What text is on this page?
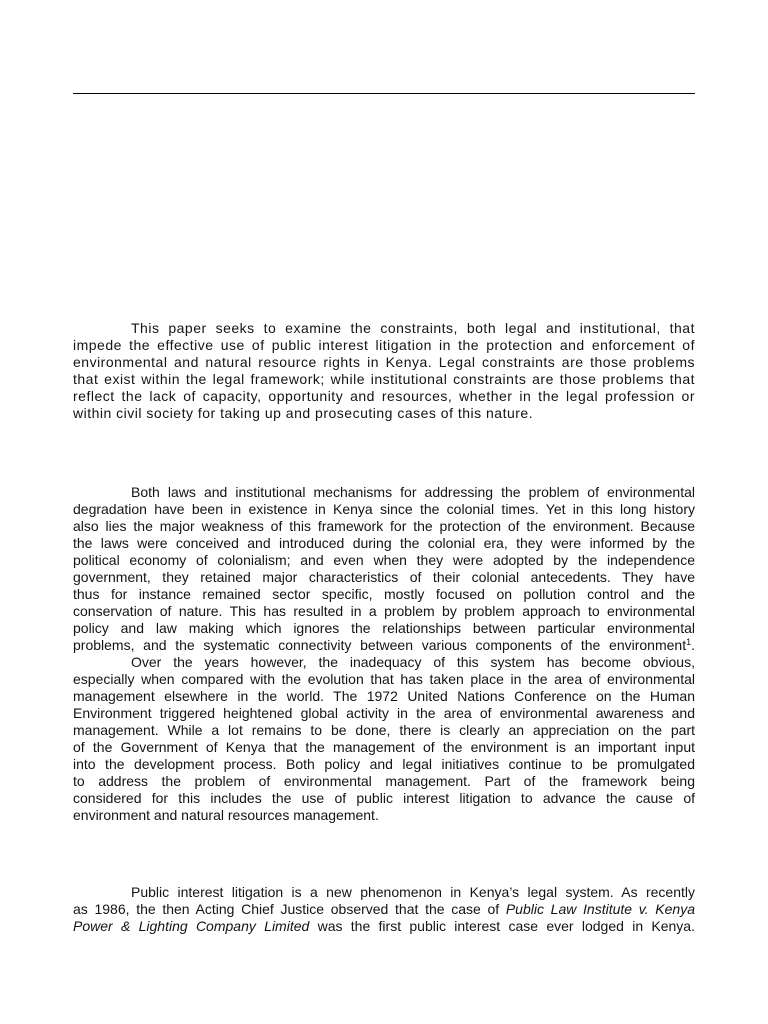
This paper seeks to examine the constraints, both legal and institutional, that
impede the effective use of public interest litigation in the protection and enforcement of
environmental and natural resource rights in Kenya. Legal constraints are those problems
that exist within the legal framework; while institutional constraints are those problems that
reflect the lack of capacity, opportunity and resources, whether in the legal profession or
within civil society for taking up and prosecuting cases of this nature.
Both laws and institutional mechanisms for addressing the problem of environmental
degradation have been in existence in Kenya since the colonial times. Yet in this long history
also lies the major weakness of this framework for the protection of the environment. Because
the laws were conceived and introduced during the colonial era, they were informed by the
political economy of colonialism; and even when they were adopted by the independence
government, they retained major characteristics of their colonial antecedents. They have
thus for instance remained sector specific, mostly focused on pollution control and the
conservation of nature. This has resulted in a problem by problem approach to environmental
policy and law making which ignores the relationships between particular environmental
problems, and the systematic connectivity between various components of the environment$^1$.
Over the years however, the inadequacy of this system has become obvious,
especially when compared with the evolution that has taken place in the area of environmental
management elsewhere in the world. The 1972 United Nations Conference on the Human
Environment triggered heightened global activity in the area of environmental awareness and
management. While a lot remains to be done, there is clearly an appreciation on the part
of the Government of Kenya that the management of the environment is an important input
into the development process. Both policy and legal initiatives continue to be promulgated
to address the problem of environmental management. Part of the framework being
considered for this includes the use of public interest litigation to advance the cause of
environment and natural resources management.
Public interest litigation is a new phenomenon in Kenya’s legal system. As recently
as 1986, the then Acting Chief Justice observed that the case of Public Law Institute v. Kenya
Power & Lighting Company Limited was the first public interest case ever lodged in Kenya.
